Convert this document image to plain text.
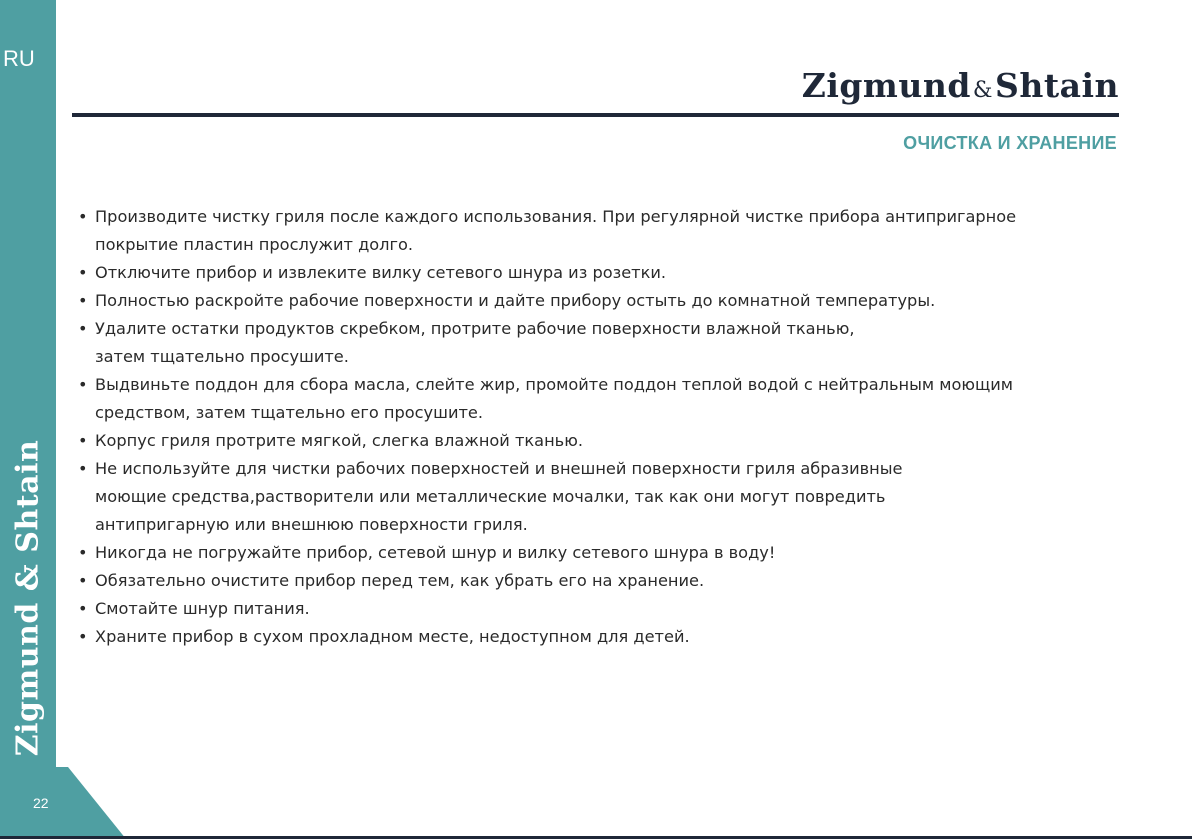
RU
Zigmund & Shtain
22
Zigmund&Shtain
ОЧИСТКА И ХРАНЕНИЕ
• Производите чистку гриля после каждого использования. При регулярной чистке прибора антипригарное
покрытие пластин прослужит долго.
• Отключите прибор и извлеките вилку сетевого шнура из розетки.
• Полностью раскройте рабочие поверхности и дайте прибору остыть до комнатной температуры.
• Удалите остатки продуктов скребком, протрите рабочие поверхности влажной тканью,
затем тщательно просушите.
• Выдвиньте поддон для сбора масла, слейте жир, промойте поддон теплой водой с нейтральным моющим
средством, затем тщательно его просушите.
• Корпус гриля протрите мягкой, слегка влажной тканью.
• Не используйте для чистки рабочих поверхностей и внешней поверхности гриля абразивные
моющие средства,растворители или металлические мочалки, так как они могут повредить
антипригарную или внешнюю поверхности гриля.
• Никогда не погружайте прибор, сетевой шнур и вилку сетевого шнура в воду!
• Обязательно очистите прибор перед тем, как убрать его на хранение.
• Смотайте шнур питания.
• Храните прибор в сухом прохладном месте, недоступном для детей.
